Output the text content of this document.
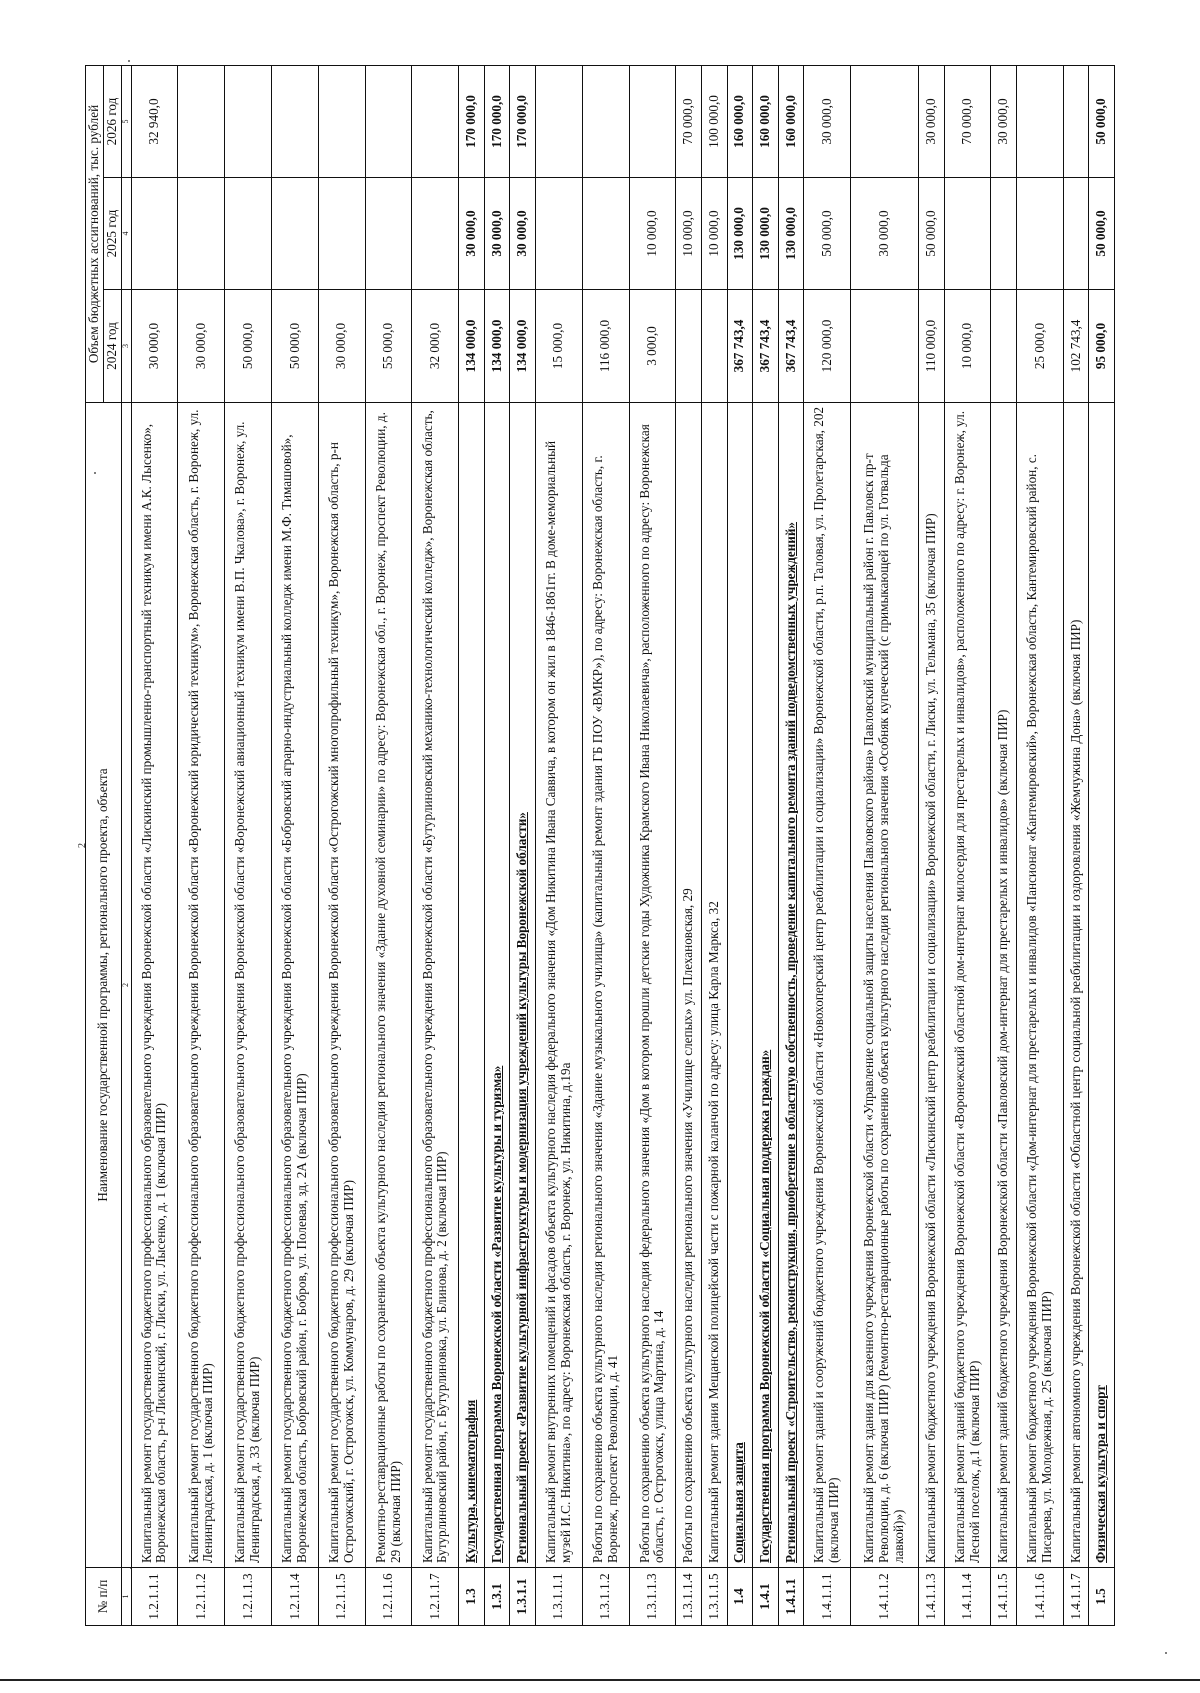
2
№ п/п	Наименование государственной программы, регионального проекта, объекта	Объем бюджетных ассигнований, тыс. рублей		
		2024 год	2025 год	2026 год
1	2	3	4	5
1.2.1.1.1	Капитальный ремонт государственного бюджетного профессионального образовательного учреждения Воронежской области «Лискинский промышленно-транспортный техникум имени А.К. Лысенко», Воронежская область, р-н Лискинский, г. Лиски, ул. Лысенко, д. 1 (включая ПИР)	30 000,0		32 940,0
1.2.1.1.2	Капитальный ремонт государственного бюджетного профессионального образовательного учреждения Воронежской области «Воронежский юридический техникум», Воронежская область, г. Воронеж, ул. Ленинградская, д. 1 (включая ПИР)	30 000,0		
1.2.1.1.3	Капитальный ремонт государственного бюджетного профессионального образовательного учреждения Воронежской области «Воронежский авиационный техникум имени В.П. Чкалова», г. Воронеж, ул. Ленинградская, д. 33 (включая ПИР)	50 000,0		
1.2.1.1.4	Капитальный ремонт государственного бюджетного профессионального образовательного учреждения Воронежской области «Бобровский аграрно-индустриальный колледж имени М.Ф. Тимашовой», Воронежская область, Бобровский район, г. Бобров, ул. Полевая, зд. 2А (включая ПИР)	50 000,0		
1.2.1.1.5	Капитальный ремонт государственного бюджетного профессионального образовательного учреждения Воронежской области «Острогожский многопрофильный техникум», Воронежская область, р-н Острогожский, г. Острогожск, ул. Коммунаров, д. 29 (включая ПИР)	30 000,0		
1.2.1.1.6	Ремонтно-реставрационные работы по сохранению объекта культурного наследия регионального значения «Здание духовной семинарии» по адресу: Воронежская обл., г. Воронеж, проспект Революции, д. 29 (включая ПИР)	55 000,0		
1.2.1.1.7	Капитальный ремонт государственного бюджетного профессионального образовательного учреждения Воронежской области «Бутурлиновский механико-технологический колледж», Воронежская область, Бутурлиновский район, г. Бутурлиновка, ул. Блинова, д. 2 (включая ПИР)	32 000,0		
1.3	Культура, кинематография	134 000,0	30 000,0	170 000,0
1.3.1	Государственная программа Воронежской области «Развитие культуры и туризма»	134 000,0	30 000,0	170 000,0
1.3.1.1	Региональный проект «Развитие культурной инфраструктуры и модернизация учреждений культуры Воронежской области»	134 000,0	30 000,0	170 000,0
1.3.1.1.1	Капитальный ремонт внутренних помещений и фасадов объекта культурного наследия федерального значения «Дом Никитина Ивана Саввича, в котором он жил в 1846-1861гг. В доме-мемориальный музей И.С. Никитина», по адресу: Воронежская область, г. Воронеж, ул. Никитина, д.19а	15 000,0		
1.3.1.1.2	Работы по сохранению объекта культурного наследия регионального значения «Здание музыкального училища» (капитальный ремонт здания ГБ ПОУ «ВМКР»), по адресу: Воронежская область, г. Воронеж, проспект Революции, д. 41	116 000,0		
1.3.1.1.3	Работы по сохранению объекта культурного наследия федерального значения «Дом в котором прошли детские годы Художника Крамского Ивана Николаевича», расположенного по адресу: Воронежская область, г. Острогожск, улица Мартина, д. 14	3 000,0	10 000,0	
1.3.1.1.4	Работы по сохранению объекта культурного наследия регионального значения «Училище слепых» ул. Плехановская, 29		10 000,0	70 000,0
1.3.1.1.5	Капитальный ремонт здания Мещанской полицейской части с пожарной каланчой по адресу: улица Карла Маркса, 32		10 000,0	100 000,0
1.4	Социальная защита	367 743,4	130 000,0	160 000,0
1.4.1	Государственная программа Воронежской области «Социальная поддержка граждан»	367 743,4	130 000,0	160 000,0
1.4.1.1	Региональный проект «Строительство, реконструкция, приобретение в областную собственность, проведение капитального ремонта зданий подведомственных учреждений»	367 743,4	130 000,0	160 000,0
1.4.1.1.1	Капитальный ремонт зданий и сооружений бюджетного учреждения Воронежской области «Новохоперский центр реабилитации и социализации» Воронежской области, р.п. Таловая, ул. Пролетарская, 202 (включая ПИР)	120 000,0	50 000,0	30 000,0
1.4.1.1.2	Капитальный ремонт здания для казенного учреждения Воронежской области «Управление социальной защиты населения Павловского района» Павловский муниципальный район г. Павловск пр-т Революции, д. 6 (включая ПИР) (Ремонтно-реставрационные работы по сохранению объекта культурного наследия регионального значения «Особняк купеческий (с примыкающей по ул. Готвальда лавкой)»)		30 000,0	
1.4.1.1.3	Капитальный ремонт бюджетного учреждения Воронежской области «Лискинский центр реабилитации и социализации» Воронежской области, г. Лиски, ул. Тельмана, 35 (включая ПИР)	110 000,0	50 000,0	30 000,0
1.4.1.1.4	Капитальный ремонт зданий бюджетного учреждения Воронежской области «Воронежский областной дом-интернат милосердия для престарелых и инвалидов», расположенного по адресу: г. Воронеж, ул. Лесной поселок, д.1 (включая ПИР)	10 000,0		70 000,0
1.4.1.1.5	Капитальный ремонт зданий бюджетного учреждения Воронежской области «Павловский дом-интернат для престарелых и инвалидов» (включая ПИР)			30 000,0
1.4.1.1.6	Капитальный ремонт бюджетного учреждения Воронежской области «Дом-интернат для престарелых и инвалидов «Пансионат «Кантемировский», Воронежская область, Кантемировский район, с. Писарева, ул. Молодежная, д. 25 (включая ПИР)	25 000,0		
1.4.1.1.7	Капитальный ремонт автономного учреждения Воронежской области «Областной центр социальной реабилитации и оздоровления «Жемчужина Дона» (включая ПИР)	102 743,4		
1.5	Физическая культура и спорт	95 000,0	50 000,0	50 000,0
